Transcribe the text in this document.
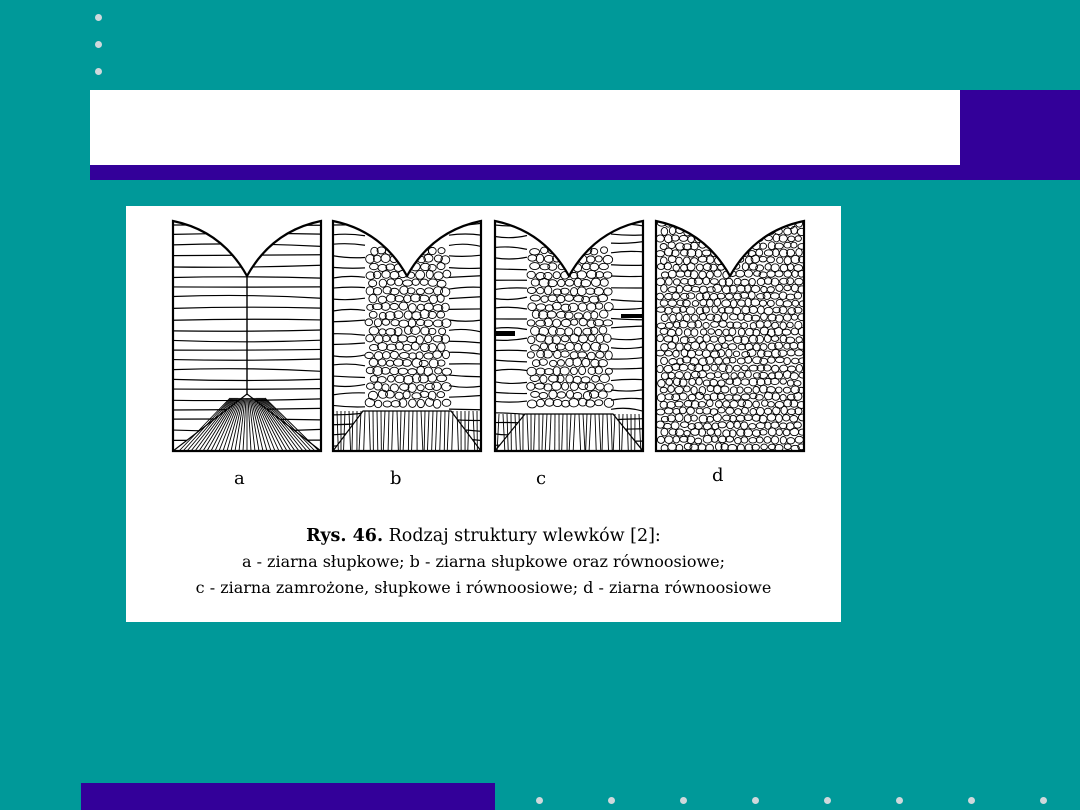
a	b	c	d
Rys. 46. Rodzaj struktury wlewków [2]:
a - ziarna słupkowe; b - ziarna słupkowe oraz równoosiowe;
c - ziarna zamrożone, słupkowe i równoosiowe; d - ziarna równoosiowe
